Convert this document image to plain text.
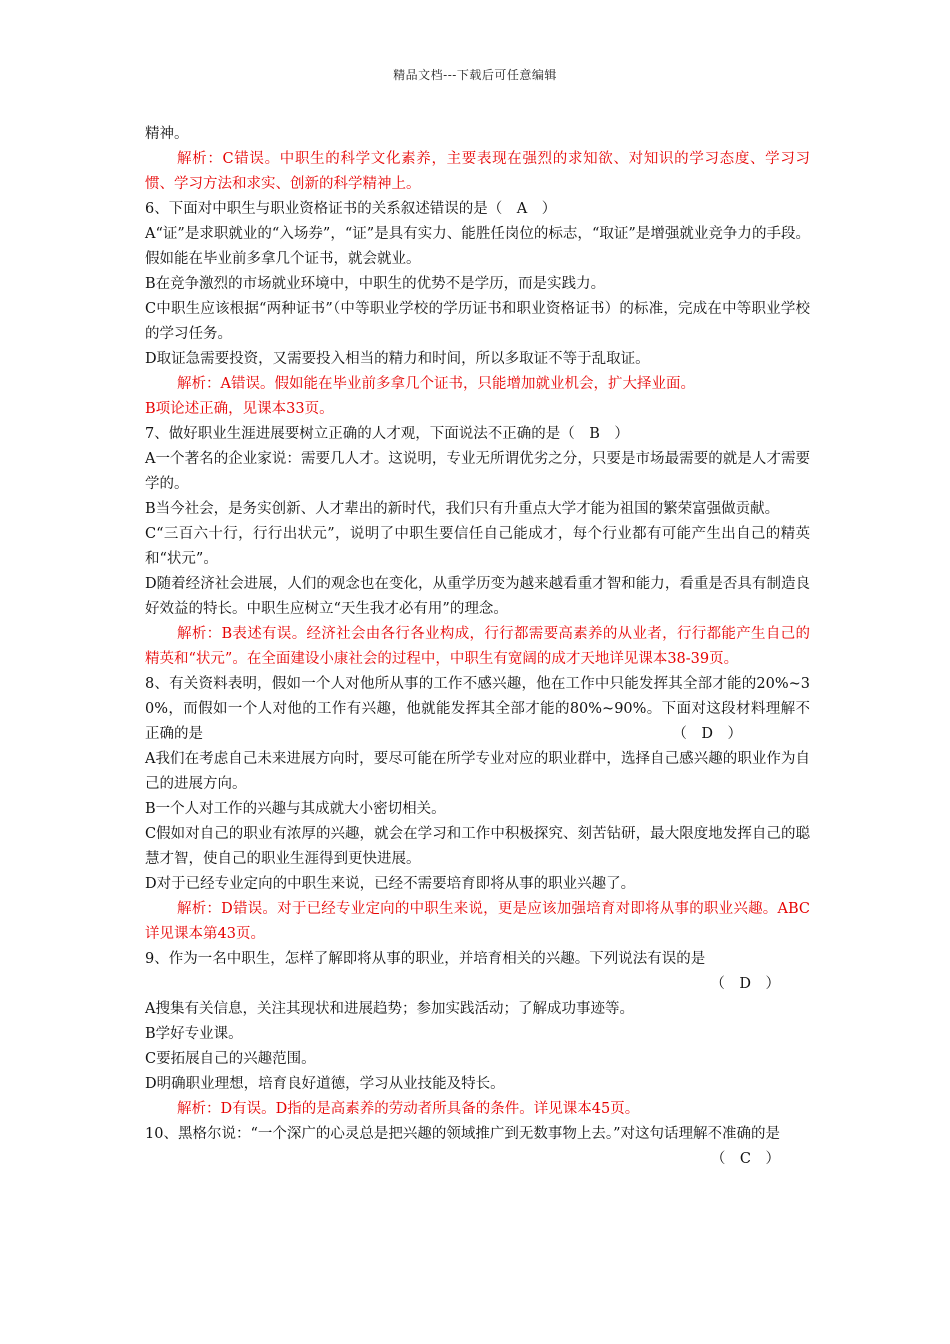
精品文档---下载后可任意编辑

精神。

解析：C错误。中职生的科学文化素养，主要表现在强烈的求知欲、对知识的学习态度、学习习惯、学习方法和求实、创新的科学精神上。

6、下面对中职生与职业资格证书的关系叙述错误的是（　A　）

A“证”是求职就业的“入场券”，“证”是具有实力、能胜任岗位的标志，“取证”是增强就业竞争力的手段。假如能在毕业前多拿几个证书，就会就业。

B在竞争激烈的市场就业环境中，中职生的优势不是学历，而是实践力。

C中职生应该根据“两种证书”（中等职业学校的学历证书和职业资格证书）的标准，完成在中等职业学校的学习任务。

D取证急需要投资，又需要投入相当的精力和时间，所以多取证不等于乱取证。

解析：A错误。假如能在毕业前多拿几个证书，只能增加就业机会，扩大择业面。

B项论述正确，见课本33页。

7、做好职业生涯进展要树立正确的人才观，下面说法不正确的是（　B　）

A一个著名的企业家说：需要几人才。这说明，专业无所谓优劣之分，只要是市场最需要的就是人才需要学的。

B当今社会，是务实创新、人才辈出的新时代，我们只有升重点大学才能为祖国的繁荣富强做贡献。

C“三百六十行，行行出状元”，说明了中职生要信任自己能成才，每个行业都有可能产生出自己的精英和“状元”。

D随着经济社会进展，人们的观念也在变化，从重学历变为越来越看重才智和能力，看重是否具有制造良好效益的特长。中职生应树立“天生我才必有用”的理念。

解析：B表述有误。经济社会由各行各业构成，行行都需要高素养的从业者，行行都能产生自己的精英和“状元”。在全面建设小康社会的过程中，中职生有宽阔的成才天地详见课本38-39页。

8、有关资料表明，假如一个人对他所从事的工作不感兴趣，他在工作中只能发挥其全部才能的20%~30%，而假如一个人对他的工作有兴趣，他就能发挥其全部才能的80%~90%。下面对这段材料理解不正确的是	（　D　）

A我们在考虑自己未来进展方向时，要尽可能在所学专业对应的职业群中，选择自己感兴趣的职业作为自己的进展方向。

B一个人对工作的兴趣与其成就大小密切相关。

C假如对自己的职业有浓厚的兴趣，就会在学习和工作中积极探究、刻苦钻研，最大限度地发挥自己的聪慧才智，使自己的职业生涯得到更快进展。

D对于已经专业定向的中职生来说，已经不需要培育即将从事的职业兴趣了。

解析：D错误。对于已经专业定向的中职生来说，更是应该加强培育对即将从事的职业兴趣。ABC详见课本第43页。

9、作为一名中职生，怎样了解即将从事的职业，并培育相关的兴趣。下列说法有误的是

（　D　）

A搜集有关信息，关注其现状和进展趋势；参加实践活动；了解成功事迹等。

B学好专业课。

C要拓展自己的兴趣范围。

D明确职业理想，培育良好道德，学习从业技能及特长。

解析：D有误。D指的是高素养的劳动者所具备的条件。详见课本45页。

10、黑格尔说：“一个深广的心灵总是把兴趣的领域推广到无数事物上去。”对这句话理解不准确的是
（　C　）
